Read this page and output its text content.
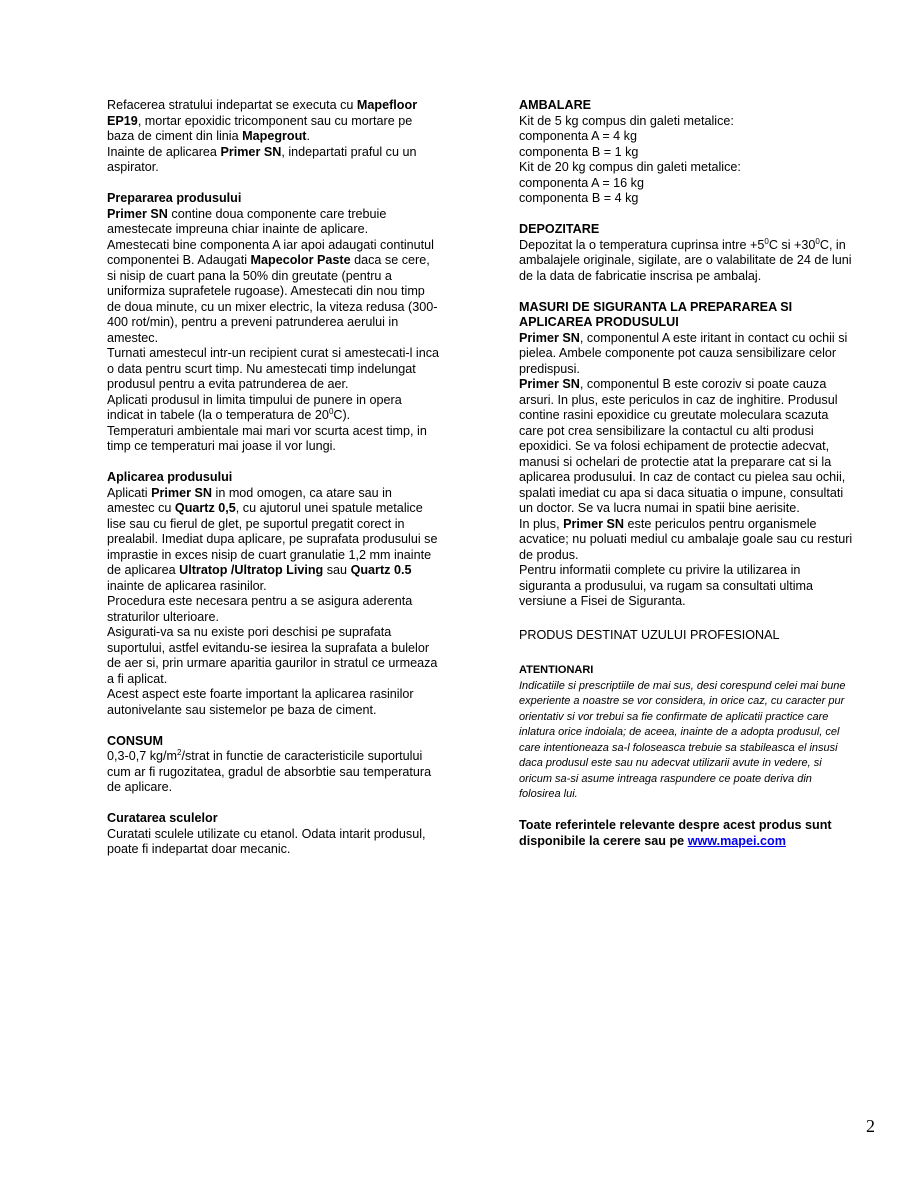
Refacerea stratului indepartat se executa cu Mapefloor
EP19, mortar epoxidic tricomponent sau cu mortare pe
baza de ciment din linia Mapegrout.
Inainte de aplicarea Primer SN, indepartati praful cu un
aspirator.
Prepararea produsului
Primer SN contine doua componente care trebuie
amestecate impreuna chiar inainte de aplicare.
Amestecati bine componenta A iar apoi adaugati continutul
componentei B. Adaugati Mapecolor Paste daca se cere,
si nisip de cuart pana la 50% din greutate (pentru a
uniformiza suprafetele rugoase). Amestecati din nou timp
de doua minute, cu un mixer electric, la viteza redusa (300-
400 rot/min), pentru a preveni patrunderea aerului in
amestec.
Turnati amestecul intr-un recipient curat si amestecati-l inca
o data pentru scurt timp. Nu amestecati timp indelungat
produsul pentru a evita patrunderea de aer.
Aplicati produsul in limita timpului de punere in opera
indicat in tabele (la o temperatura de $20^0C$).
Temperaturi ambientale mai mari vor scurta acest timp, in
timp ce temperaturi mai joase il vor lungi.
Aplicarea produsului
Aplicati Primer SN in mod omogen, ca atare sau in
amestec cu Quartz 0,5, cu ajutorul unei spatule metalice
lise sau cu fierul de glet, pe suportul pregatit corect in
prealabil. Imediat dupa aplicare, pe suprafata produsului se
imprastie in exces nisip de cuart granulatie 1,2 mm inainte
de aplicarea Ultratop /Ultratop Living sau Quartz 0.5
inainte de aplicarea rasinilor.
Procedura este necesara pentru a se asigura aderenta
straturilor ulterioare.
Asigurati-va sa nu existe pori deschisi pe suprafata
suportului, astfel evitandu-se iesirea la suprafata a bulelor
de aer si, prin urmare aparitia gaurilor in stratul ce urmeaza
a fi aplicat.
Acest aspect este foarte important la aplicarea rasinilor
autonivelante sau sistemelor pe baza de ciment.
CONSUM
0,3-0,7 $kg/m^2$/strat in functie de caracteristicile suportului
cum ar fi rugozitatea, gradul de absorbtie sau temperatura
de aplicare.
Curatarea sculelor
Curatati sculele utilizate cu etanol. Odata intarit produsul,
poate fi indepartat doar mecanic.
AMBALARE
Kit de 5 kg compus din galeti metalice:
componenta A = 4 kg
componenta B = 1 kg
Kit de 20 kg compus din galeti metalice:
componenta A = 16 kg
componenta B = 4 kg
DEPOZITARE
Depozitat la o temperatura cuprinsa intre $+5^0C$ si $+30^0C$, in
ambalajele originale, sigilate, are o valabilitate de 24 de luni
de la data de fabricatie inscrisa pe ambalaj.
MASURI DE SIGURANTA LA PREPARAREA SI
APLICAREA PRODUSULUI
Primer SN, componentul A este iritant in contact cu ochii si
pielea. Ambele componente pot cauza sensibilizare celor
predispusi.
Primer SN, componentul B este coroziv si poate cauza
arsuri. In plus, este periculos in caz de inghitire. Produsul
contine rasini epoxidice cu greutate moleculara scazuta
care pot crea sensibilizare la contactul cu alti produsi
epoxidici. Se va folosi echipament de protectie adecvat,
manusi si ochelari de protectie atat la preparare cat si la
aplicarea produsului. In caz de contact cu pielea sau ochii,
spalati imediat cu apa si daca situatia o impune, consultati
un doctor. Se va lucra numai in spatii bine aerisite.
In plus, Primer SN este periculos pentru organismele
acvatice; nu poluati mediul cu ambalaje goale sau cu resturi
de produs.
Pentru informatii complete cu privire la utilizarea in
siguranta a produsului, va rugam sa consultati ultima
versiune a Fisei de Siguranta.
PRODUS DESTINAT UZULUI PROFESIONAL
ATENTIONARI
Indicatiile si prescriptiile de mai sus, desi corespund celei mai bune
experiente a noastre se vor considera, in orice caz, cu caracter pur
orientativ si vor trebui sa fie confirmate de aplicatii practice care
inlatura orice indoiala; de aceea, inainte de a adopta produsul, cel
care intentioneaza sa-l foloseasca trebuie sa stabileasca el insusi
daca produsul este sau nu adecvat utilizarii avute in vedere, si
oricum sa-si asume intreaga raspundere ce poate deriva din
folosirea lui.
Toate referintele relevante despre acest produs sunt
disponibile la cerere sau pe www.mapei.com
2
